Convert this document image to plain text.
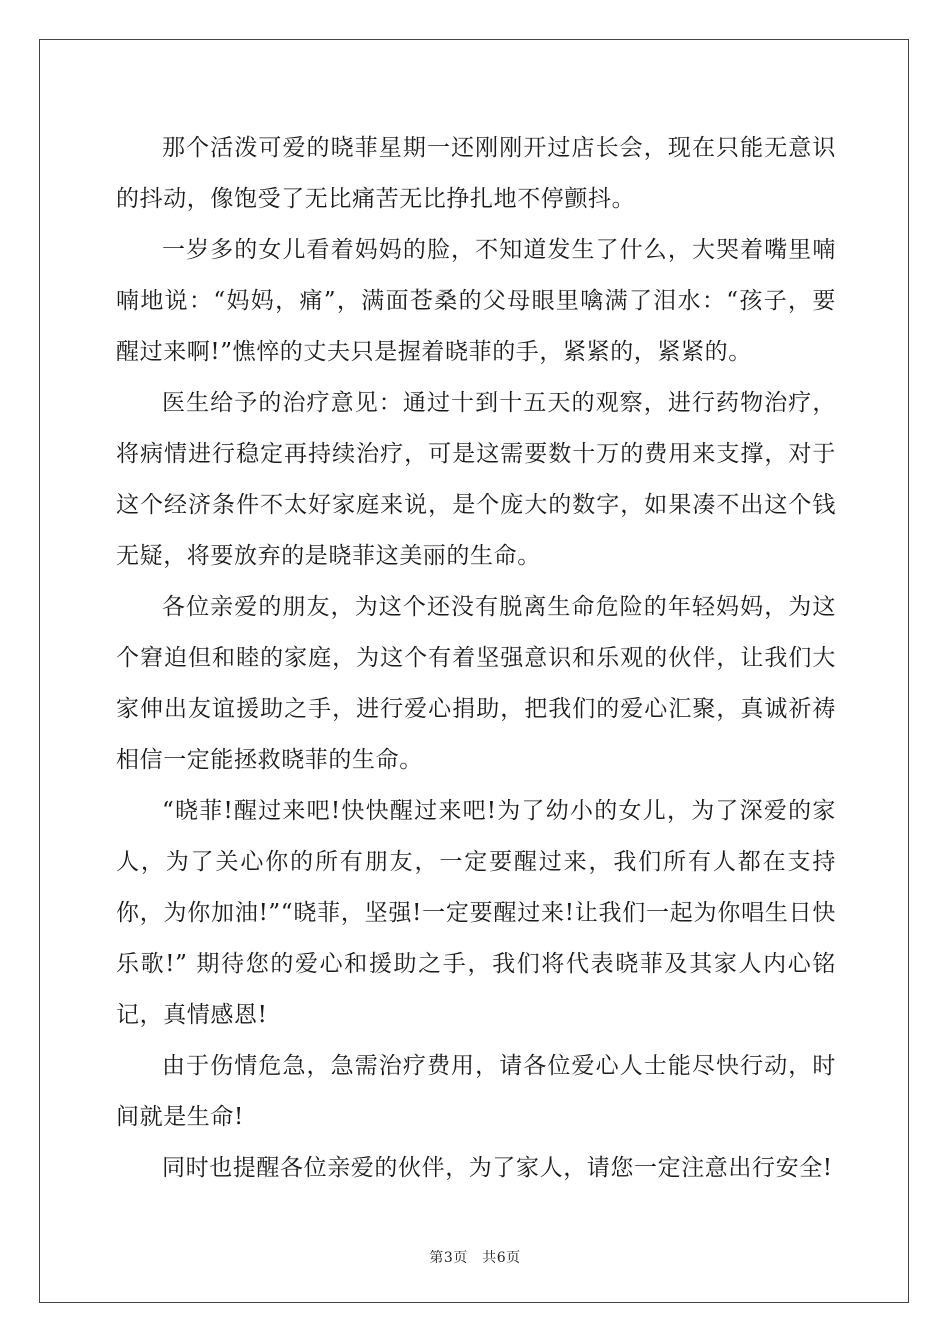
那个活泼可爱的晓菲星期一还刚刚开过店长会，现在只能无意识的抖动，像饱受了无比痛苦无比挣扎地不停颤抖。

一岁多的女儿看着妈妈的脸，不知道发生了什么，大哭着嘴里喃喃地说：“妈妈，痛”，满面苍桑的父母眼里噙满了泪水：“孩子，要醒过来啊!”憔悴的丈夫只是握着晓菲的手，紧紧的，紧紧的。

医生给予的治疗意见：通过十到十五天的观察，进行药物治疗，将病情进行稳定再持续治疗，可是这需要数十万的费用来支撑，对于这个经济条件不太好家庭来说，是个庞大的数字，如果凑不出这个钱无疑，将要放弃的是晓菲这美丽的生命。

各位亲爱的朋友，为这个还没有脱离生命危险的年轻妈妈，为这个窘迫但和睦的家庭，为这个有着坚强意识和乐观的伙伴，让我们大家伸出友谊援助之手，进行爱心捐助，把我们的爱心汇聚，真诚祈祷相信一定能拯救晓菲的生命。

“晓菲!醒过来吧!快快醒过来吧!为了幼小的女儿，为了深爱的家人，为了关心你的所有朋友，一定要醒过来，我们所有人都在支持你，为你加油!”“晓菲，坚强!一定要醒过来!让我们一起为你唱生日快乐歌!” 期待您的爱心和援助之手，我们将代表晓菲及其家人内心铭记，真情感恩!

由于伤情危急，急需治疗费用，请各位爱心人士能尽快行动，时间就是生命!

同时也提醒各位亲爱的伙伴，为了家人，请您一定注意出行安全!

第3页　共6页
